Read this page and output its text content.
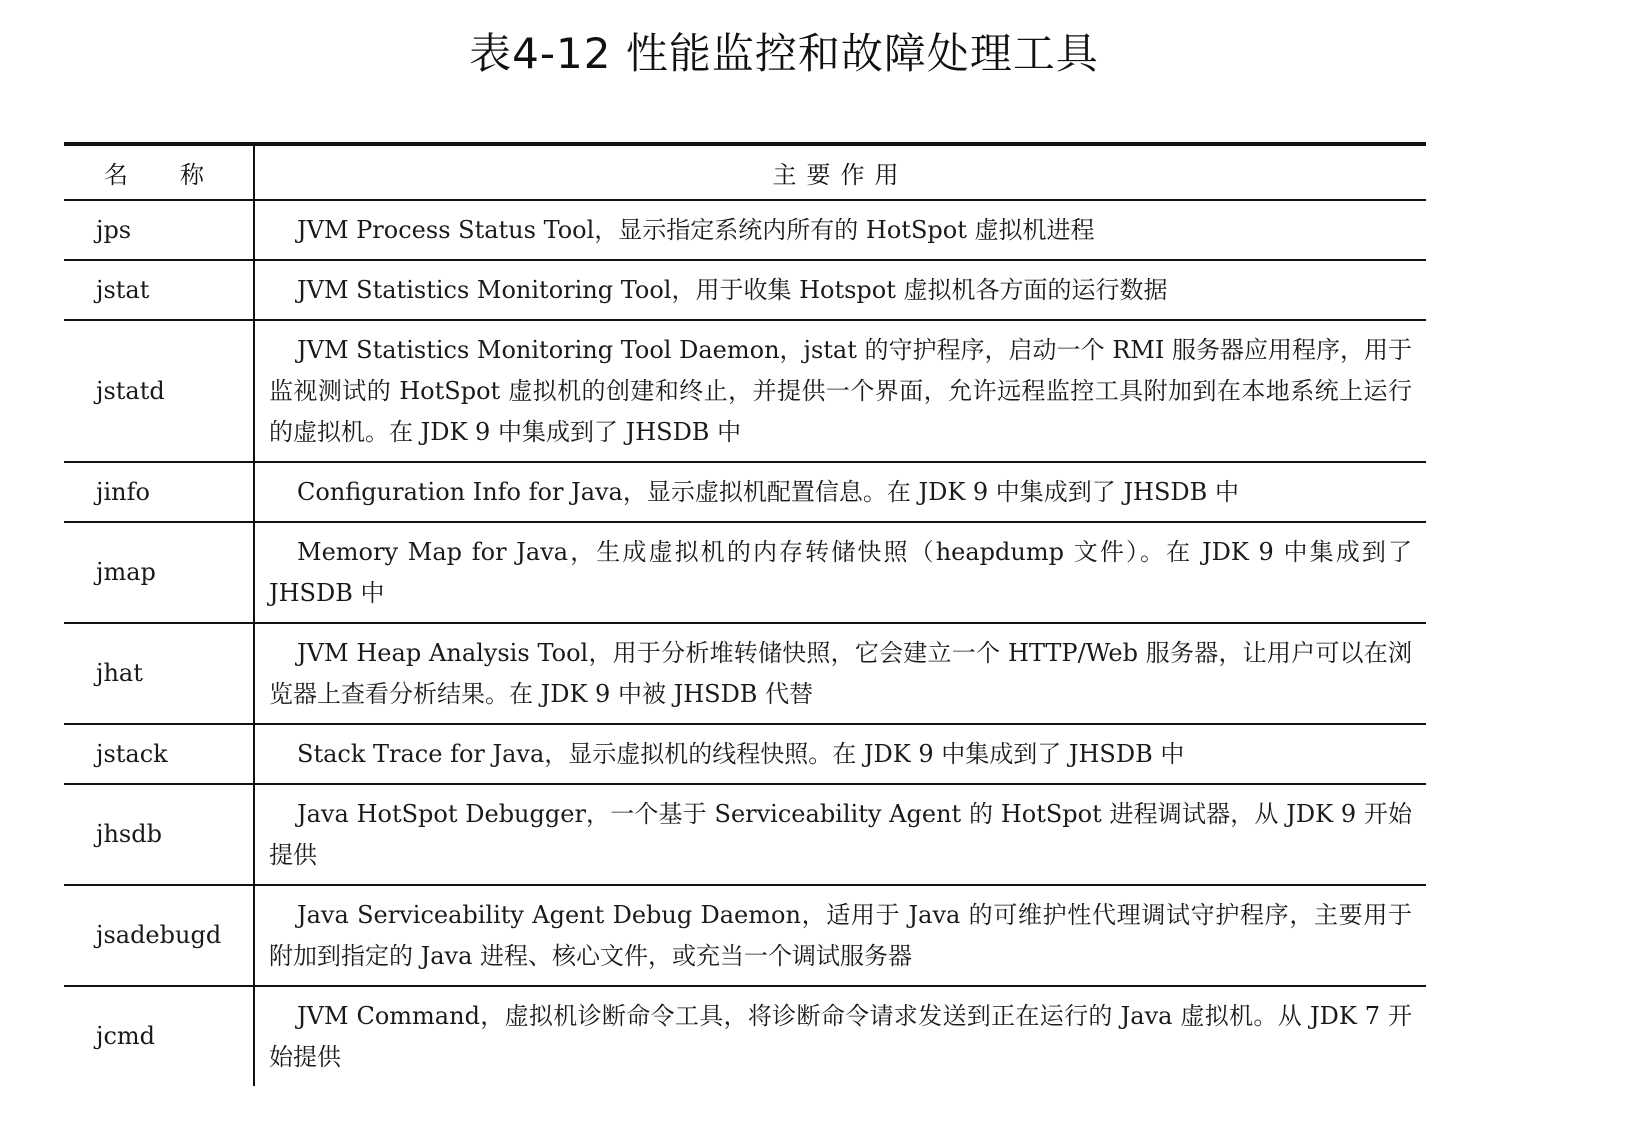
表4-12 性能监控和故障处理工具
名 称	主要作用
jps	JVM Process Status Tool，显示指定系统内所有的 HotSpot 虚拟机进程
jstat	JVM Statistics Monitoring Tool，用于收集 Hotspot 虚拟机各方面的运行数据
jstatd	JVM Statistics Monitoring Tool Daemon，jstat 的守护程序，启动一个 RMI 服务器应用程序，用于监视测试的 HotSpot 虚拟机的创建和终止，并提供一个界面，允许远程监控工具附加到在本地系统上运行的虚拟机。在 JDK 9 中集成到了 JHSDB 中
jinfo	Configuration Info for Java，显示虚拟机配置信息。在 JDK 9 中集成到了 JHSDB 中
jmap	Memory Map for Java，生成虚拟机的内存转储快照（heapdump 文件）。在 JDK 9 中集成到了 JHSDB 中
jhat	JVM Heap Analysis Tool，用于分析堆转储快照，它会建立一个 HTTP/Web 服务器，让用户可以在浏览器上查看分析结果。在 JDK 9 中被 JHSDB 代替
jstack	Stack Trace for Java，显示虚拟机的线程快照。在 JDK 9 中集成到了 JHSDB 中
jhsdb	Java HotSpot Debugger，一个基于 Serviceability Agent 的 HotSpot 进程调试器，从 JDK 9 开始提供
jsadebugd	Java Serviceability Agent Debug Daemon，适用于 Java 的可维护性代理调试守护程序，主要用于附加到指定的 Java 进程、核心文件，或充当一个调试服务器
jcmd	JVM Command，虚拟机诊断命令工具，将诊断命令请求发送到正在运行的 Java 虚拟机。从 JDK 7 开始提供
